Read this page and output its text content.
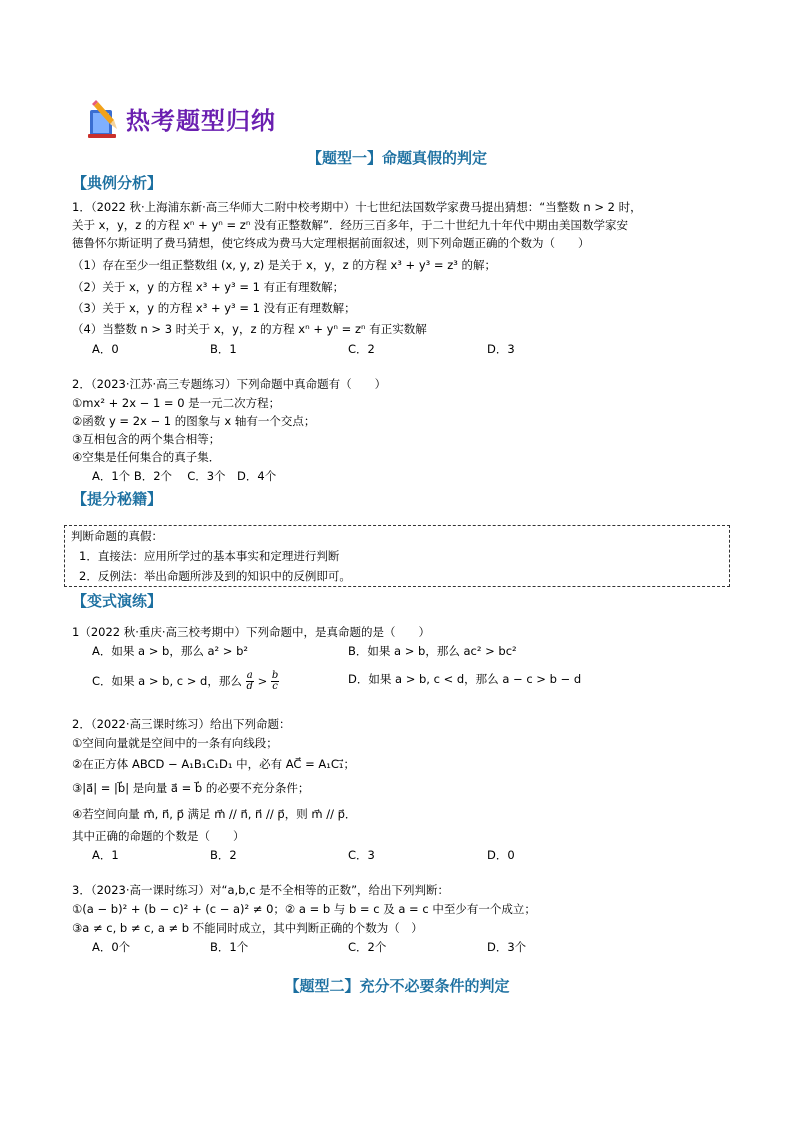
热考题型归纳
【题型一】命题真假的判定
【典例分析】
1．（2022 秋·上海浦东新·高三华师大二附中校考期中）十七世纪法国数学家费马提出猜想：“当整数 n > 2 时，
关于 x，y，z 的方程 xⁿ + yⁿ = zⁿ 没有正整数解”．经历三百多年，于二十世纪九十年代中期由美国数学家安
德鲁怀尔斯证明了费马猜想，使它终成为费马大定理根据前面叙述，则下列命题正确的个数为（　　）
（1）存在至少一组正整数组 (x, y, z) 是关于 x，y，z 的方程 x³ + y³ = z³ 的解；
（2）关于 x，y 的方程 x³ + y³ = 1 有正有理数解；
（3）关于 x，y 的方程 x³ + y³ = 1 没有正有理数解；
（4）当整数 n > 3 时关于 x，y，z 的方程 xⁿ + yⁿ = zⁿ 有正实数解
A．0	B．1	C．2	D．3
2．（2023·江苏·高三专题练习）下列命题中真命题有（　　）
①mx² + 2x − 1 = 0 是一元二次方程；
②函数 y = 2x − 1 的图象与 x 轴有一个交点；
③互相包含的两个集合相等；
④空集是任何集合的真子集．
A．1个 B．2个　 C．3个　D．4个
【提分秘籍】
判断命题的真假：
1．直接法：应用所学过的基本事实和定理进行判断
2．反例法：举出命题所涉及到的知识中的反例即可。
【变式演练】
1（2022 秋·重庆·高三校考期中）下列命题中，是真命题的是（　　）
A．如果 a > b，那么 a² > b²	B．如果 a > b，那么 ac² > bc²
C．如果 a > b, c > d，那么 $\frac{a}{d} > \frac{b}{c}$	D．如果 a > b, c < d，那么 a − c > b − d
2．（2022·高三课时练习）给出下列命题：
①空间向量就是空间中的一条有向线段；
②在正方体 ABCD − A₁B₁C₁D₁ 中，必有 AC⃗ = A₁C₁⃗；
③|a⃗| = |b⃗| 是向量 a⃗ = b⃗ 的必要不充分条件；
④若空间向量 m⃗, n⃗, p⃗ 满足 m⃗ // n⃗, n⃗ // p⃗，则 m⃗ // p⃗．
其中正确的命题的个数是（　　）
A．1	B．2	C．3	D．0
3．（2023·高一课时练习）对“a,b,c 是不全相等的正数”，给出下列判断：
①(a − b)² + (b − c)² + (c − a)² ≠ 0；② a = b 与 b = c 及 a = c 中至少有一个成立；
③a ≠ c, b ≠ c, a ≠ b 不能同时成立，其中判断正确的个数为（　）
A．0个	B．1个	C．2个	D．3个
【题型二】充分不必要条件的判定
